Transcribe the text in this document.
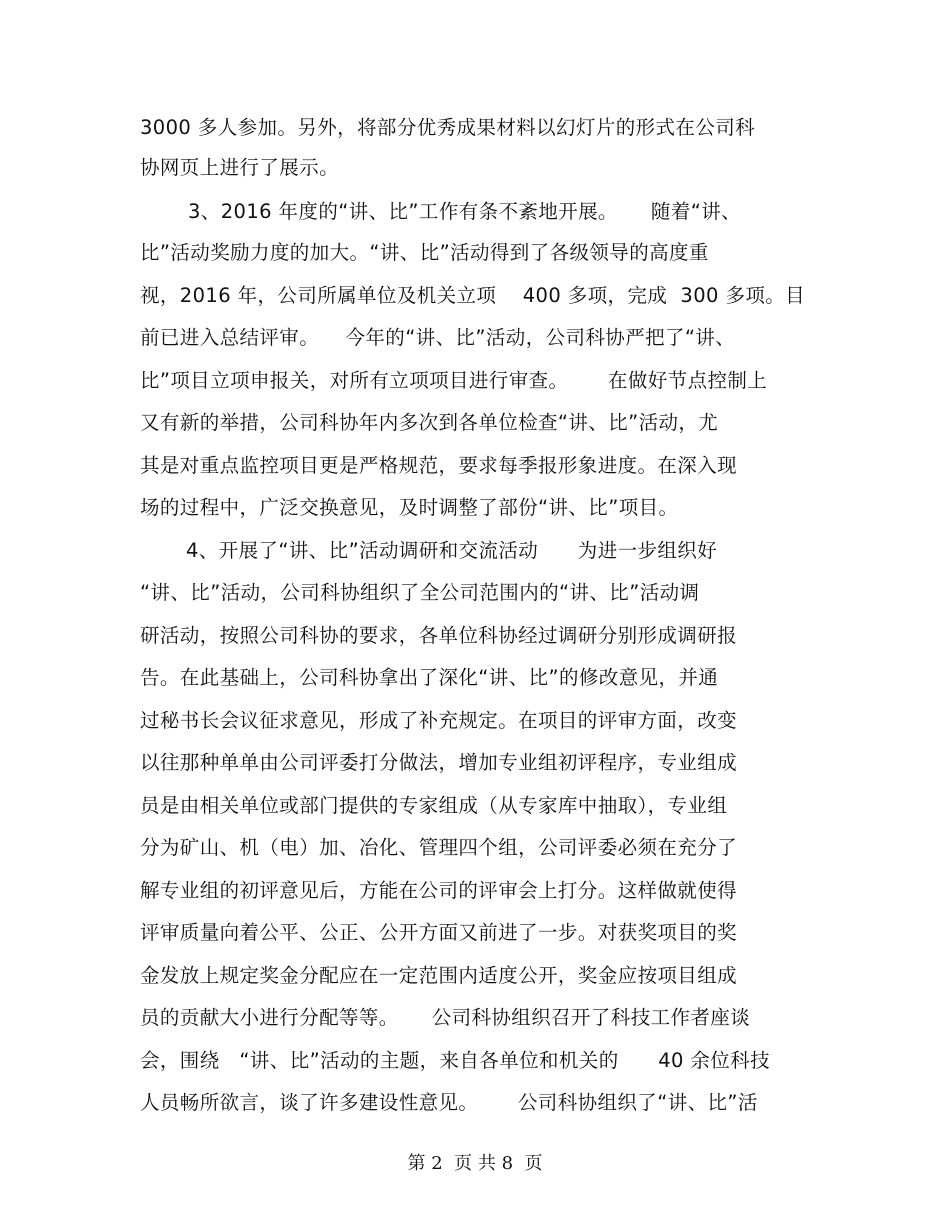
3000 多人参加。另外，将部分优秀成果材料以幻灯片的形式在公司科
协网页上进行了展示。
3、2016 年度的“讲、比”工作有条不紊地开展。     随着“讲、
比”活动奖励力度的加大。“讲、比”活动得到了各级领导的高度重
视，2016 年，公司所属单位及机关立项    400 多项，完成  300 多项。目
前已进入总结评审。    今年的“讲、比”活动，公司科协严把了“讲、
比”项目立项申报关，对所有立项项目进行审查。      在做好节点控制上
又有新的举措，公司科协年内多次到各单位检查“讲、比”活动，尤
其是对重点监控项目更是严格规范，要求每季报形象进度。在深入现
场的过程中，广泛交换意见，及时调整了部份“讲、比”项目。
4、开展了“讲、比”活动调研和交流活动      为进一步组织好
“讲、比”活动，公司科协组织了全公司范围内的“讲、比”活动调
研活动，按照公司科协的要求，各单位科协经过调研分别形成调研报
告。在此基础上，公司科协拿出了深化“讲、比”的修改意见，并通
过秘书长会议征求意见，形成了补充规定。在项目的评审方面，改变
以往那种单单由公司评委打分做法，增加专业组初评程序，专业组成
员是由相关单位或部门提供的专家组成（从专家库中抽取），专业组
分为矿山、机（电）加、冶化、管理四个组，公司评委必须在充分了
解专业组的初评意见后，方能在公司的评审会上打分。这样做就使得
评审质量向着公平、公正、公开方面又前进了一步。对获奖项目的奖
金发放上规定奖金分配应在一定范围内适度公开，奖金应按项目组成
员的贡献大小进行分配等等。     公司科协组织召开了科技工作者座谈
会，围绕   “讲、比”活动的主题，来自各单位和机关的      40 余位科技
人员畅所欲言，谈了许多建设性意见。      公司科协组织了“讲、比”活
第 2  页 共 8  页
